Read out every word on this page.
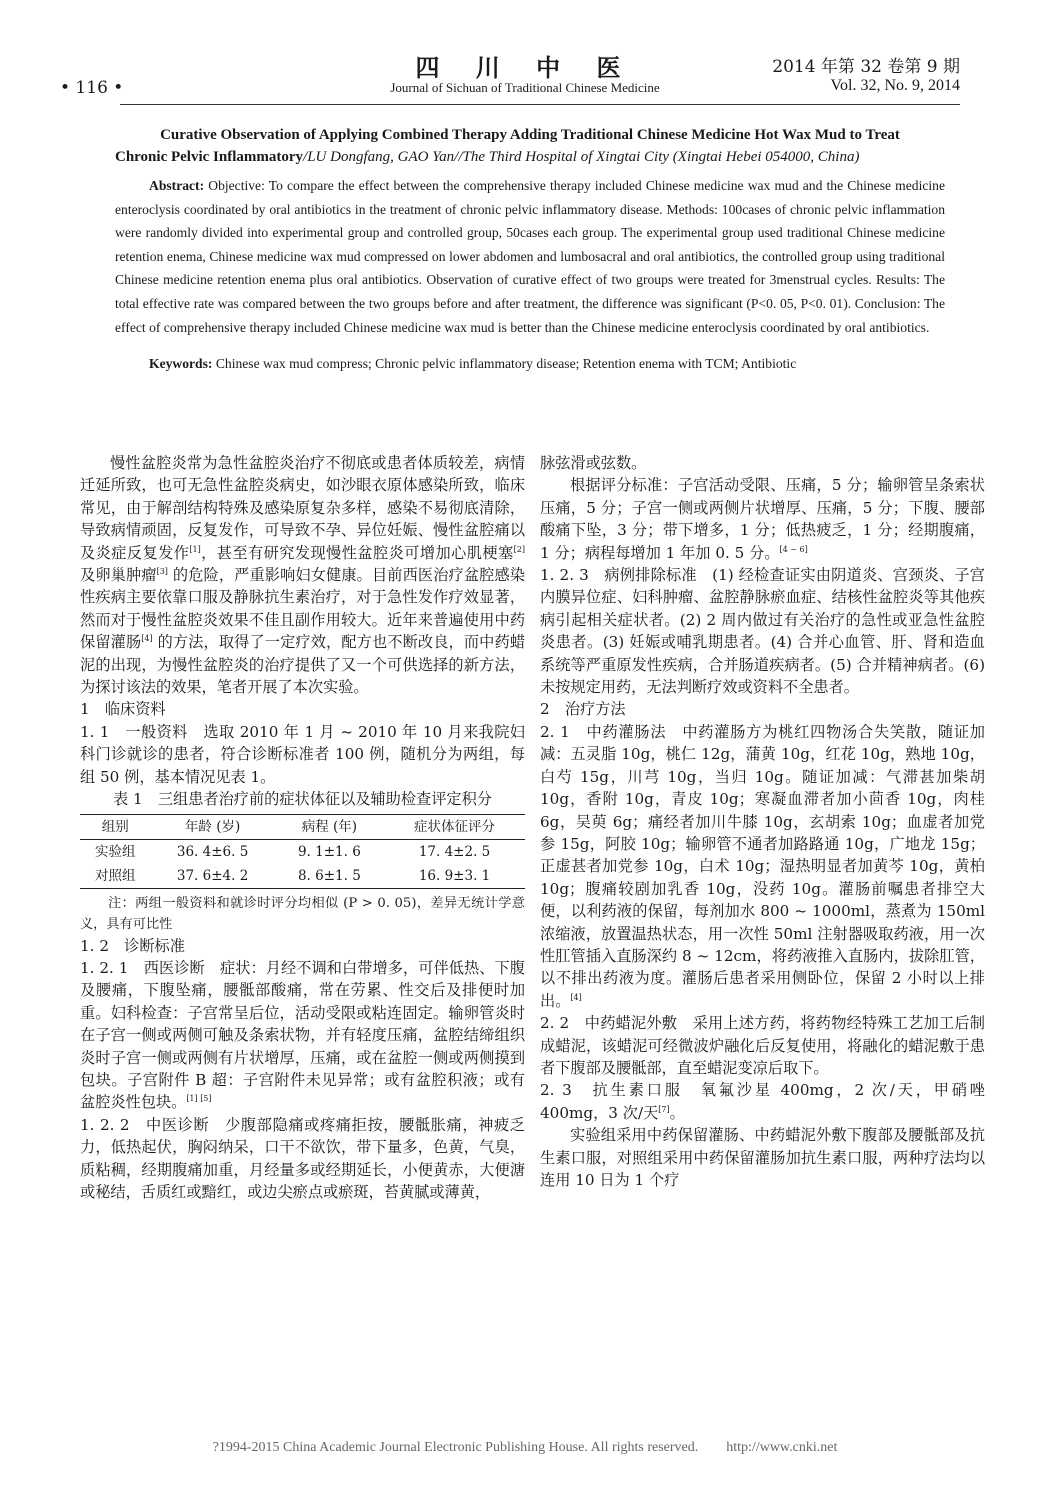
• 116 •
四 川 中 医
Journal of Sichuan of Traditional Chinese Medicine
2014 年第 32 卷第 9 期
Vol. 32, No. 9, 2014

Curative Observation of Applying Combined Therapy Adding Traditional Chinese Medicine Hot Wax Mud to Treat

Chronic Pelvic Inflammatory/LU Dongfang, GAO Yan//The Third Hospital of Xingtai City (Xingtai Hebei 054000, China)

Abstract: Objective: To compare the effect between the comprehensive therapy included Chinese medicine wax mud and the Chinese medicine enteroclysis coordinated by oral antibiotics in the treatment of chronic pelvic inflammatory disease. Methods: 100cases of chronic pelvic inflammation were randomly divided into experimental group and controlled group, 50cases each group. The experimental group used traditional Chinese medicine retention enema, Chinese medicine wax mud compressed on lower abdomen and lumbosacral and oral antibiotics, the controlled group using traditional Chinese medicine retention enema plus oral antibiotics. Observation of curative effect of two groups were treated for 3menstrual cycles. Results: The total effective rate was compared between the two groups before and after treatment, the difference was significant (P<0. 05, P<0. 01). Conclusion: The effect of comprehensive therapy included Chinese medicine wax mud is better than the Chinese medicine enteroclysis coordinated by oral antibiotics.

Keywords: Chinese wax mud compress; Chronic pelvic inflammatory disease; Retention enema with TCM; Antibiotic

慢性盆腔炎常为急性盆腔炎治疗不彻底或患者体质较差，病情迁延所致，也可无急性盆腔炎病史，如沙眼衣原体感染所致，临床常见，由于解剖结构特殊及感染原复杂多样，感染不易彻底清除，导致病情顽固，反复发作，可导致不孕、异位妊娠、慢性盆腔痛以及炎症反复发作[1]，甚至有研究发现慢性盆腔炎可增加心肌梗塞[2] 及卵巢肿瘤[3] 的危险，严重影响妇女健康。目前西医治疗盆腔感染性疾病主要依靠口服及静脉抗生素治疗，对于急性发作疗效显著，然而对于慢性盆腔炎效果不佳且副作用较大。近年来普遍使用中药保留灌肠[4] 的方法，取得了一定疗效，配方也不断改良，而中药蜡泥的出现，为慢性盆腔炎的治疗提供了又一个可供选择的新方法，为探讨该法的效果，笔者开展了本次实验。

1　临床资料

1. 1　一般资料　选取 2010 年 1 月 ~ 2010 年 10 月来我院妇科门诊就诊的患者，符合诊断标准者 100 例，随机分为两组，每组 50 例，基本情况见表 1。

表 1　三组患者治疗前的症状体征以及辅助检查评定积分

组别	年龄 (岁)	病程 (年)	症状体征评分
实验组	36. 4±6. 5	9. 1±1. 6	17. 4±2. 5
对照组	37. 6±4. 2	8. 6±1. 5	16. 9±3. 1

注：两组一般资料和就诊时评分均相似 (P > 0. 05)，差异无统计学意义，具有可比性

1. 2　诊断标准

1. 2. 1　西医诊断　症状：月经不调和白带增多，可伴低热、下腹及腰痛，下腹坠痛，腰骶部酸痛，常在劳累、性交后及排便时加重。妇科检查：子宫常呈后位，活动受限或粘连固定。输卵管炎时在子宫一侧或两侧可触及条索状物，并有轻度压痛，盆腔结缔组织炎时子宫一侧或两侧有片状增厚，压痛，或在盆腔一侧或两侧摸到包块。子宫附件 B 超：子宫附件未见异常；或有盆腔积液；或有盆腔炎性包块。[1] [5]

1. 2. 2　中医诊断　少腹部隐痛或疼痛拒按，腰骶胀痛，神疲乏力，低热起伏，胸闷纳呆，口干不欲饮，带下量多，色黄，气臭，质粘稠，经期腹痛加重，月经量多或经期延长，小便黄赤，大便溏或秘结，舌质红或黯红，或边尖瘀点或瘀斑，苔黄腻或薄黄，

脉弦滑或弦数。

根据评分标准：子宫活动受限、压痛，5 分；输卵管呈条索状压痛，5 分；子宫一侧或两侧片状增厚、压痛，5 分；下腹、腰部酸痛下坠，3 分；带下增多，1 分；低热疲乏，1 分；经期腹痛，1 分；病程每增加 1 年加 0. 5 分。[4 ~ 6]

1. 2. 3　病例排除标准　(1) 经检查证实由阴道炎、宫颈炎、子宫内膜异位症、妇科肿瘤、盆腔静脉瘀血症、结核性盆腔炎等其他疾病引起相关症状者。(2) 2 周内做过有关治疗的急性或亚急性盆腔炎患者。(3) 妊娠或哺乳期患者。(4) 合并心血管、肝、肾和造血系统等严重原发性疾病，合并肠道疾病者。(5) 合并精神病者。(6) 未按规定用药，无法判断疗效或资料不全患者。

2　治疗方法

2. 1　中药灌肠法　中药灌肠方为桃红四物汤合失笑散，随证加减：五灵脂 10g，桃仁 12g，蒲黄 10g，红花 10g，熟地 10g，白芍 15g，川芎 10g，当归 10g。随证加减：气滞甚加柴胡 10g，香附 10g，青皮 10g；寒凝血滞者加小茴香 10g，肉桂 6g，吴萸 6g；痛经者加川牛膝 10g，玄胡索 10g；血虚者加党参 15g，阿胶 10g；输卵管不通者加路路通 10g，广地龙 15g；正虚甚者加党参 10g，白术 10g；湿热明显者加黄芩 10g，黄柏 10g；腹痛较剧加乳香 10g，没药 10g。灌肠前嘱患者排空大便，以利药液的保留，每剂加水 800 ~ 1000ml，蒸煮为 150ml 浓缩液，放置温热状态，用一次性 50ml 注射器吸取药液，用一次性肛管插入直肠深约 8 ~ 12cm，将药液推入直肠内，拔除肛管，以不排出药液为度。灌肠后患者采用侧卧位，保留 2 小时以上排出。[4]

2. 2　中药蜡泥外敷　采用上述方药，将药物经特殊工艺加工后制成蜡泥，该蜡泥可经微波炉融化后反复使用，将融化的蜡泥敷于患者下腹部及腰骶部，直至蜡泥变凉后取下。

2. 3　抗生素口服　氧氟沙星 400mg，2 次/天，甲硝唑 400mg，3 次/天[7]。

实验组采用中药保留灌肠、中药蜡泥外敷下腹部及腰骶部及抗生素口服，对照组采用中药保留灌肠加抗生素口服，两种疗法均以连用 10 日为 1 个疗

?1994-2015 China Academic Journal Electronic Publishing House. All rights reserved.　　http://www.cnki.net
